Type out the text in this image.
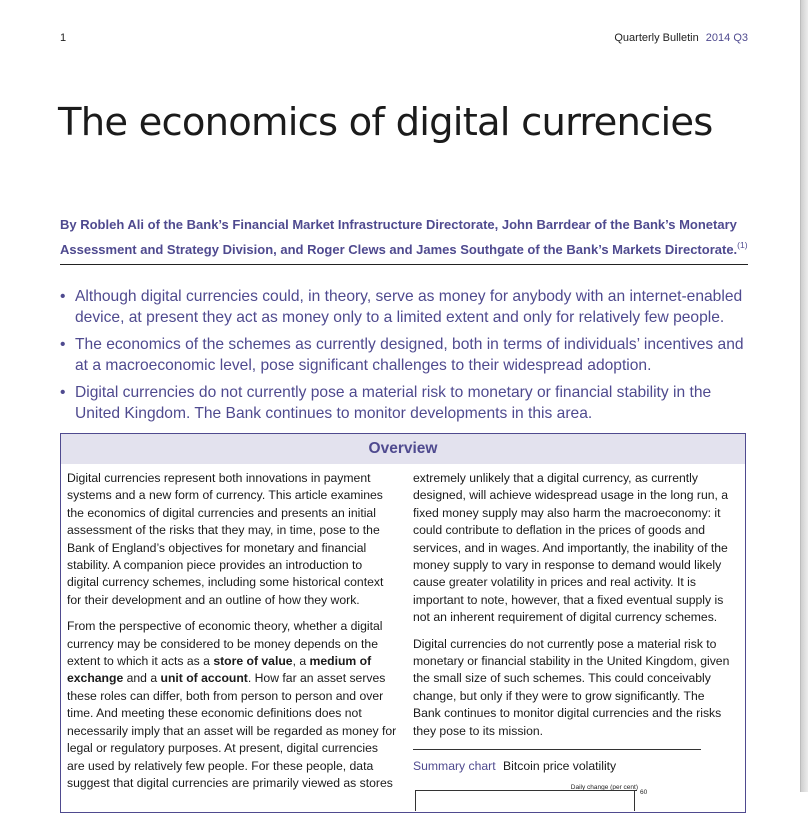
1	Quarterly Bulletin 2014 Q3
The economics of digital currencies

By Robleh Ali of the Bank’s Financial Market Infrastructure Directorate, John Barrdear of the Bank’s Monetary Assessment and Strategy Division, and Roger Clews and James Southgate of the Bank’s Markets Directorate.$^{(1)}$

• Although digital currencies could, in theory, serve as money for anybody with an internet-enabled device, at present they act as money only to a limited extent and only for relatively few people.
• The economics of the schemes as currently designed, both in terms of individuals’ incentives and at a macroeconomic level, pose significant challenges to their widespread adoption.
• Digital currencies do not currently pose a material risk to monetary or financial stability in the United Kingdom. The Bank continues to monitor developments in this area.
Overview

Digital currencies represent both innovations in payment systems and a new form of currency. This article examines the economics of digital currencies and presents an initial assessment of the risks that they may, in time, pose to the Bank of England’s objectives for monetary and financial stability. A companion piece provides an introduction to digital currency schemes, including some historical context for their development and an outline of how they work.

From the perspective of economic theory, whether a digital currency may be considered to be money depends on the extent to which it acts as a store of value, a medium of exchange and a unit of account. How far an asset serves these roles can differ, both from person to person and over time. And meeting these economic definitions does not necessarily imply that an asset will be regarded as money for legal or regulatory purposes. At present, digital currencies are used by relatively few people. For these people, data suggest that digital currencies are primarily viewed as stores

extremely unlikely that a digital currency, as currently designed, will achieve widespread usage in the long run, a fixed money supply may also harm the macroeconomy: it could contribute to deflation in the prices of goods and services, and in wages. And importantly, the inability of the money supply to vary in response to demand would likely cause greater volatility in prices and real activity. It is important to note, however, that a fixed eventual supply is not an inherent requirement of digital currency schemes.

Digital currencies do not currently pose a material risk to monetary or financial stability in the United Kingdom, given the small size of such schemes. This could conceivably change, but only if they were to grow significantly. The Bank continues to monitor digital currencies and the risks they pose to its mission.

Summary chart Bitcoin price volatility
Daily change (per cent)
60
